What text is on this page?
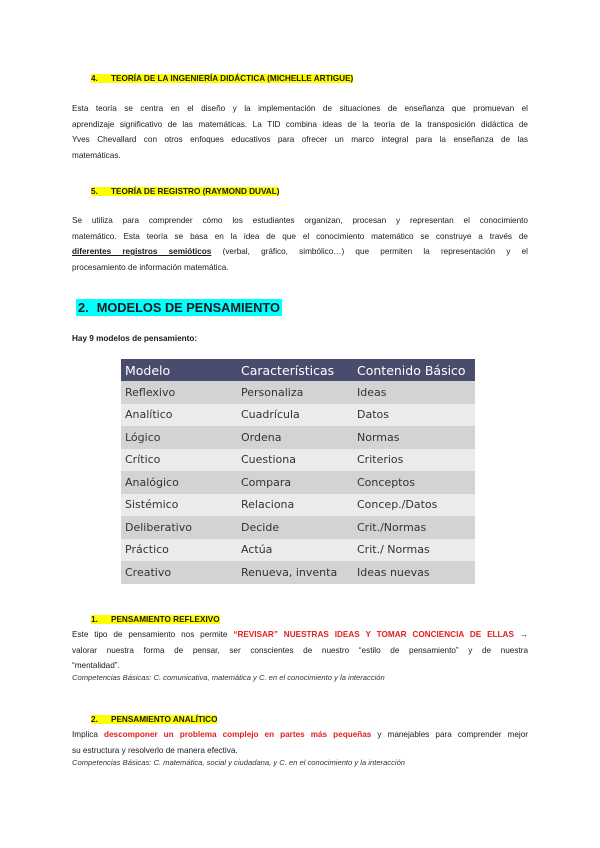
4. TEORÍA DE LA INGENIERÍA DIDÁCTICA (MICHELLE ARTIGUE)
Esta teoría se centra en el diseño y la implementación de situaciones de enseñanza que promuevan el
aprendizaje significativo de las matemáticas. La TID combina ideas de la teoría de la transposición didáctica de
Yves Chevallard con otros enfoques educativos para ofrecer un marco integral para la enseñanza de las
matemáticas.
5. TEORÍA DE REGISTRO (RAYMOND DUVAL)
Se utiliza para comprender cómo los estudiantes organizan, procesan y representan el conocimiento
matemático. Esta teoría se basa en la idea de que el conocimiento matemático se construye a través de
diferentes registros semióticos (verbal, gráfico, simbólico…) que permiten la representación y el
procesamiento de información matemática.
2. MODELOS DE PENSAMIENTO
Hay 9 modelos de pensamiento:
Modelo	Características	Contenido Básico
Reflexivo	Personaliza	Ideas
Analítico	Cuadrícula	Datos
Lógico	Ordena	Normas
Crítico	Cuestiona	Criterios
Analógico	Compara	Conceptos
Sistémico	Relaciona	Concep./Datos
Deliberativo	Decide	Crit./Normas
Práctico	Actúa	Crit./ Normas
Creativo	Renueva, inventa	Ideas nuevas
1. PENSAMIENTO REFLEXIVO
Este tipo de pensamiento nos permite “REVISAR” NUESTRAS IDEAS Y TOMAR CONCIENCIA DE ELLAS →
valorar nuestra forma de pensar, ser conscientes de nuestro “estilo de pensamiento” y de nuestra
“mentalidad”.
Competencias Básicas: C. comunicativa, matemática y C. en el conocimiento y la interacción
2. PENSAMIENTO ANALÍTICO
Implica descomponer un problema complejo en partes más pequeñas y manejables para comprender mejor
su estructura y resolverlo de manera efectiva.
Competencias Básicas: C. matemática, social y ciudadana, y C. en el conocimiento y la interacción
